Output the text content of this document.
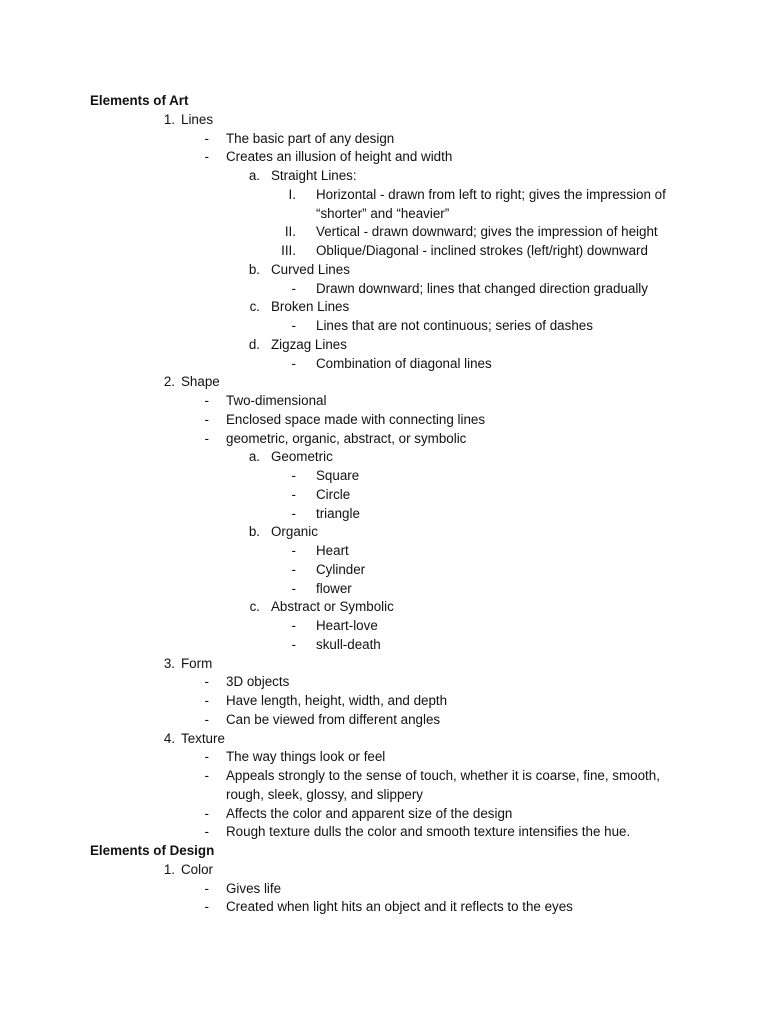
Elements of Art
1. Lines
- The basic part of any design
- Creates an illusion of height and width
a. Straight Lines:
I. Horizontal - drawn from left to right; gives the impression of
“shorter” and “heavier”
II. Vertical - drawn downward; gives the impression of height
III. Oblique/Diagonal - inclined strokes (left/right) downward
b. Curved Lines
- Drawn downward; lines that changed direction gradually
c. Broken Lines
- Lines that are not continuous; series of dashes
d. Zigzag Lines
- Combination of diagonal lines
2. Shape
- Two-dimensional
- Enclosed space made with connecting lines
- geometric, organic, abstract, or symbolic
a. Geometric
- Square
- Circle
- triangle
b. Organic
- Heart
- Cylinder
- flower
c. Abstract or Symbolic
- Heart-love
- skull-death
3. Form
- 3D objects
- Have length, height, width, and depth
- Can be viewed from different angles
4. Texture
- The way things look or feel
- Appeals strongly to the sense of touch, whether it is coarse, fine, smooth,
rough, sleek, glossy, and slippery
- Affects the color and apparent size of the design
- Rough texture dulls the color and smooth texture intensifies the hue.
Elements of Design
1. Color
- Gives life
- Created when light hits an object and it reflects to the eyes
